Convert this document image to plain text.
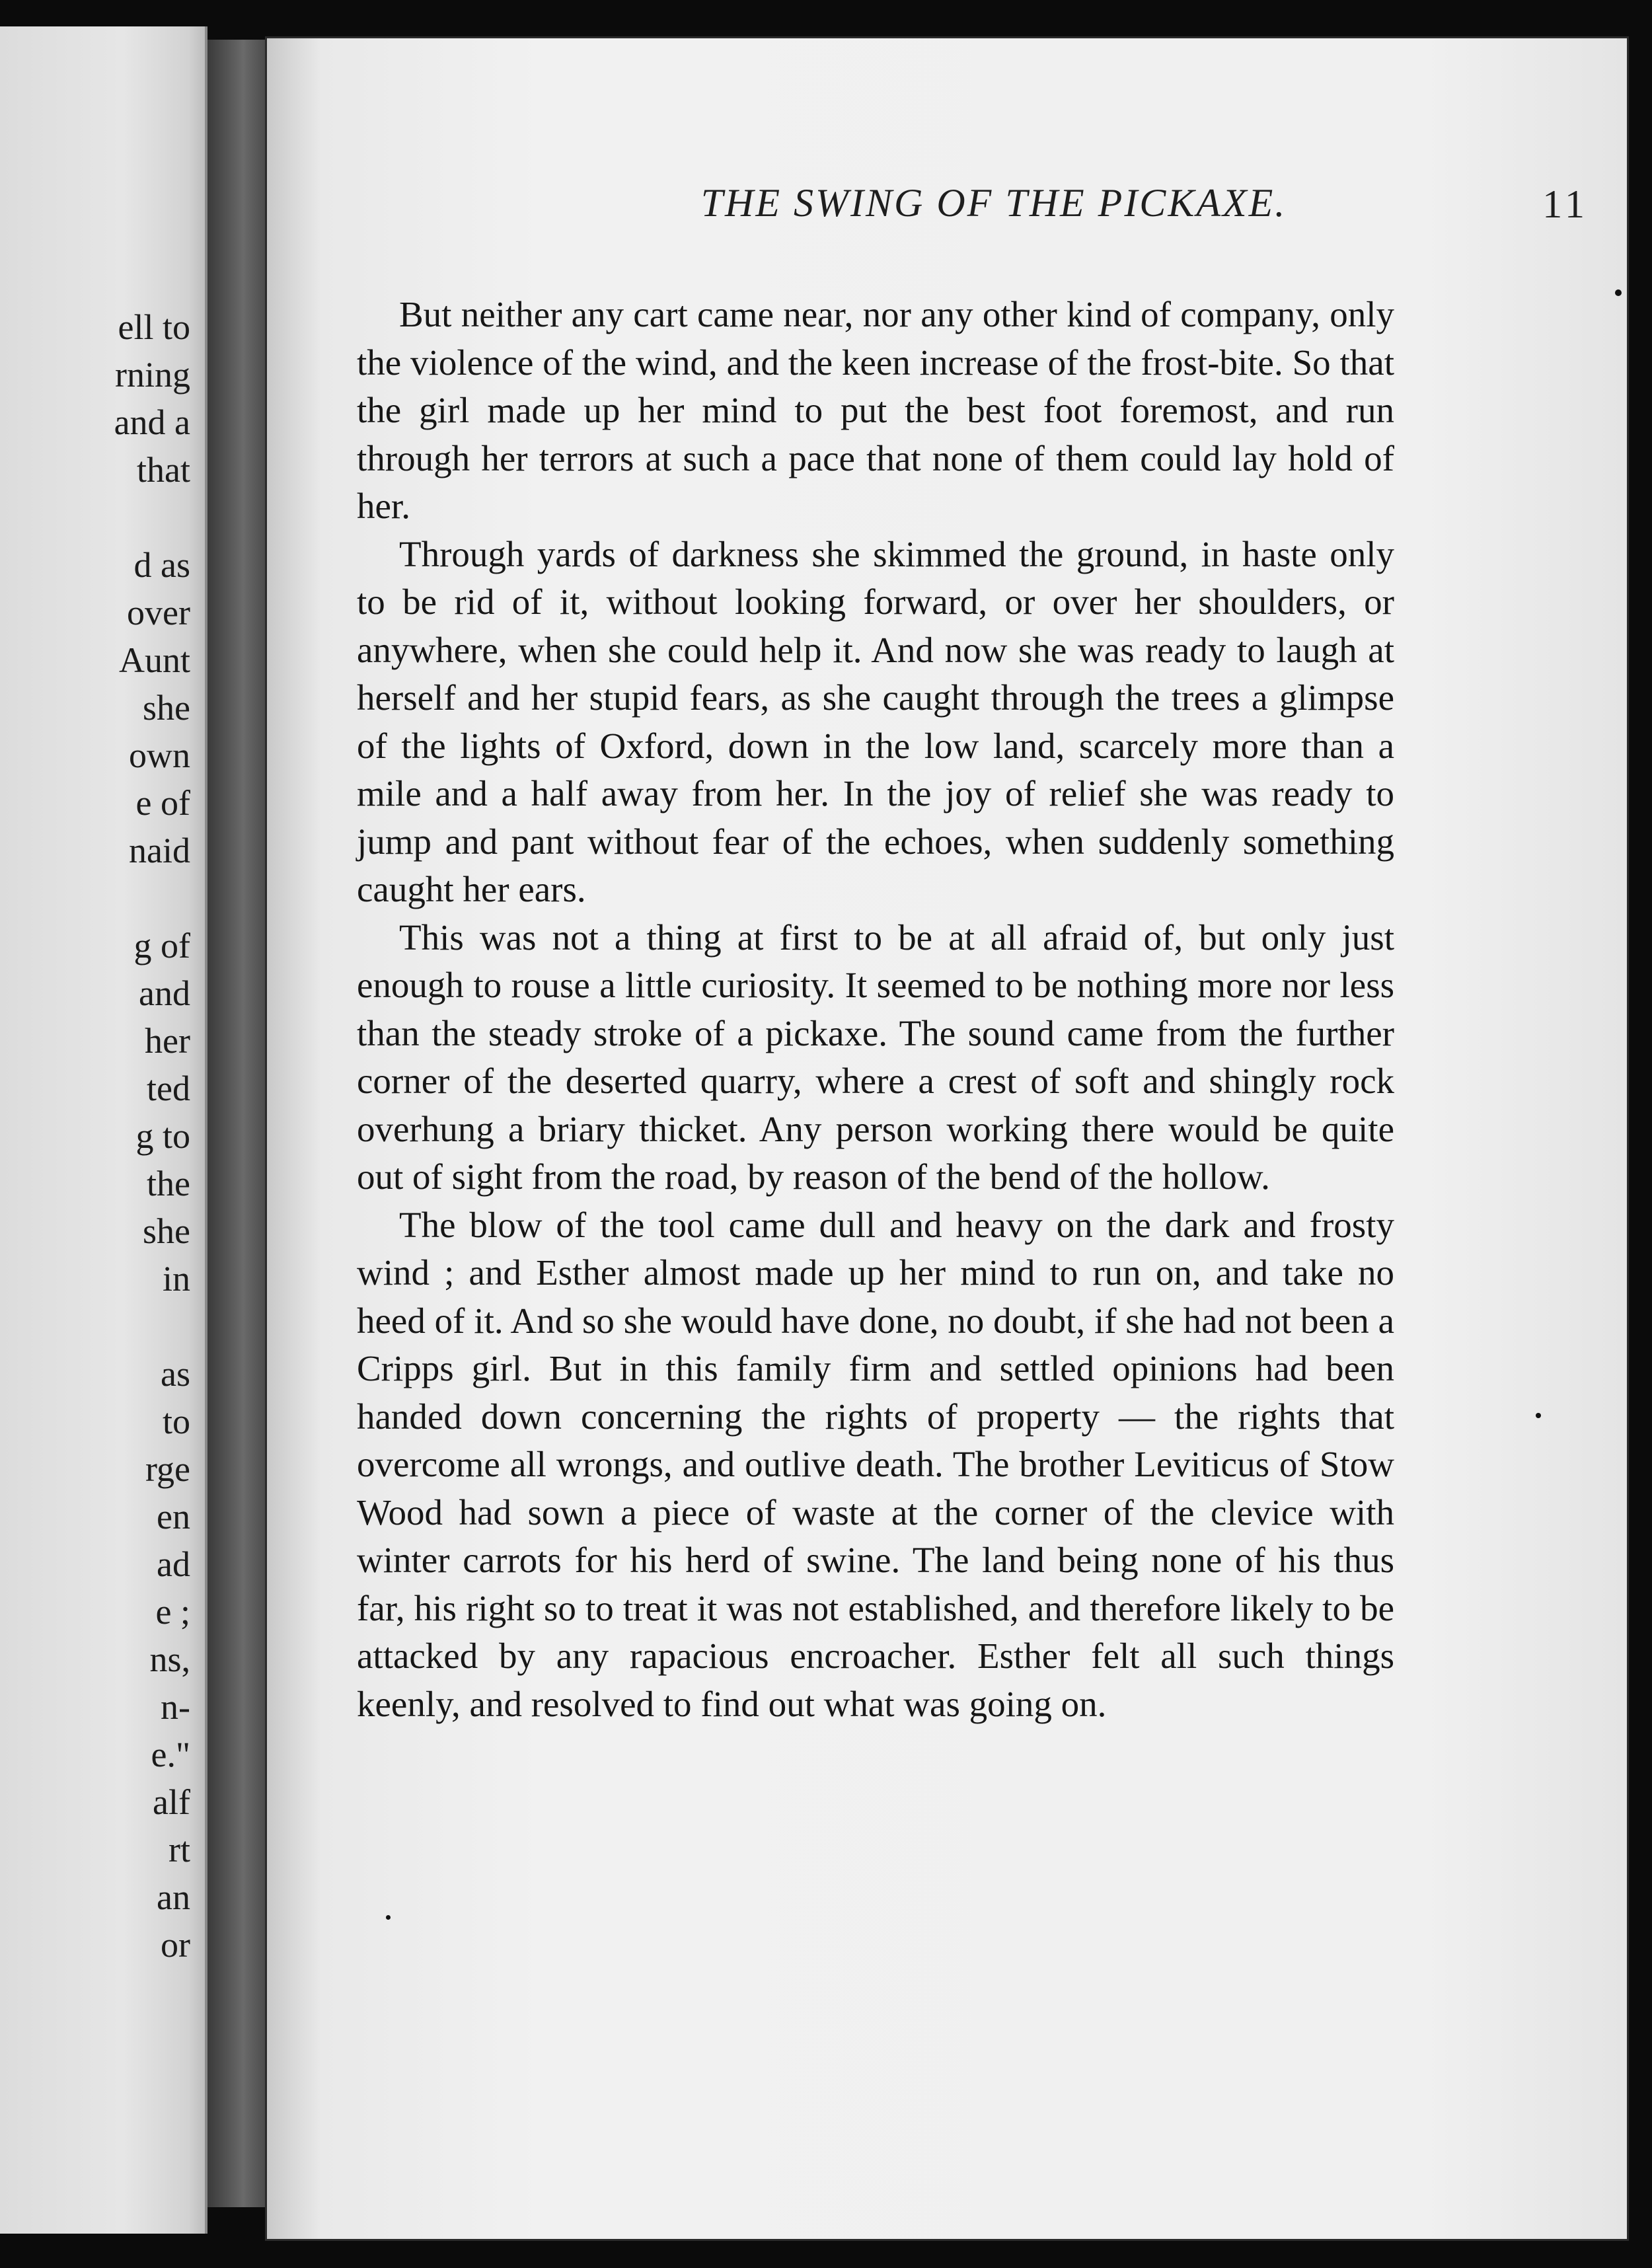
ell to
rning
and a
that
d as
over
Aunt
she
own
e of
naid
g of
and
her
ted
g to
the
she
in
as
to
rge
en
ad
e ;
ns,
n-
e."
alf
rt
an
or
THE SWING OF THE PICKAXE.	11

But neither any cart came near, nor any other kind of company, only the violence of the wind, and the keen increase of the frost-bite. So that the girl made up her mind to put the best foot foremost, and run through her terrors at such a pace that none of them could lay hold of her.

Through yards of darkness she skimmed the ground, in haste only to be rid of it, without looking forward, or over her shoulders, or anywhere, when she could help it. And now she was ready to laugh at herself and her stupid fears, as she caught through the trees a glimpse of the lights of Oxford, down in the low land, scarcely more than a mile and a half away from her. In the joy of relief she was ready to jump and pant without fear of the echoes, when suddenly something caught her ears.

This was not a thing at first to be at all afraid of, but only just enough to rouse a little curiosity. It seemed to be nothing more nor less than the steady stroke of a pickaxe. The sound came from the further corner of the deserted quarry, where a crest of soft and shingly rock overhung a briary thicket. Any person working there would be quite out of sight from the road, by reason of the bend of the hollow.

The blow of the tool came dull and heavy on the dark and frosty wind ; and Esther almost made up her mind to run on, and take no heed of it. And so she would have done, no doubt, if she had not been a Cripps girl. But in this family firm and settled opinions had been handed down concerning the rights of property — the rights that overcome all wrongs, and outlive death. The brother Leviticus of Stow Wood had sown a piece of waste at the corner of the clevice with winter carrots for his herd of swine. The land being none of his thus far, his right so to treat it was not established, and therefore likely to be attacked by any rapacious encroacher. Esther felt all such things keenly, and resolved to find out what was going on.
